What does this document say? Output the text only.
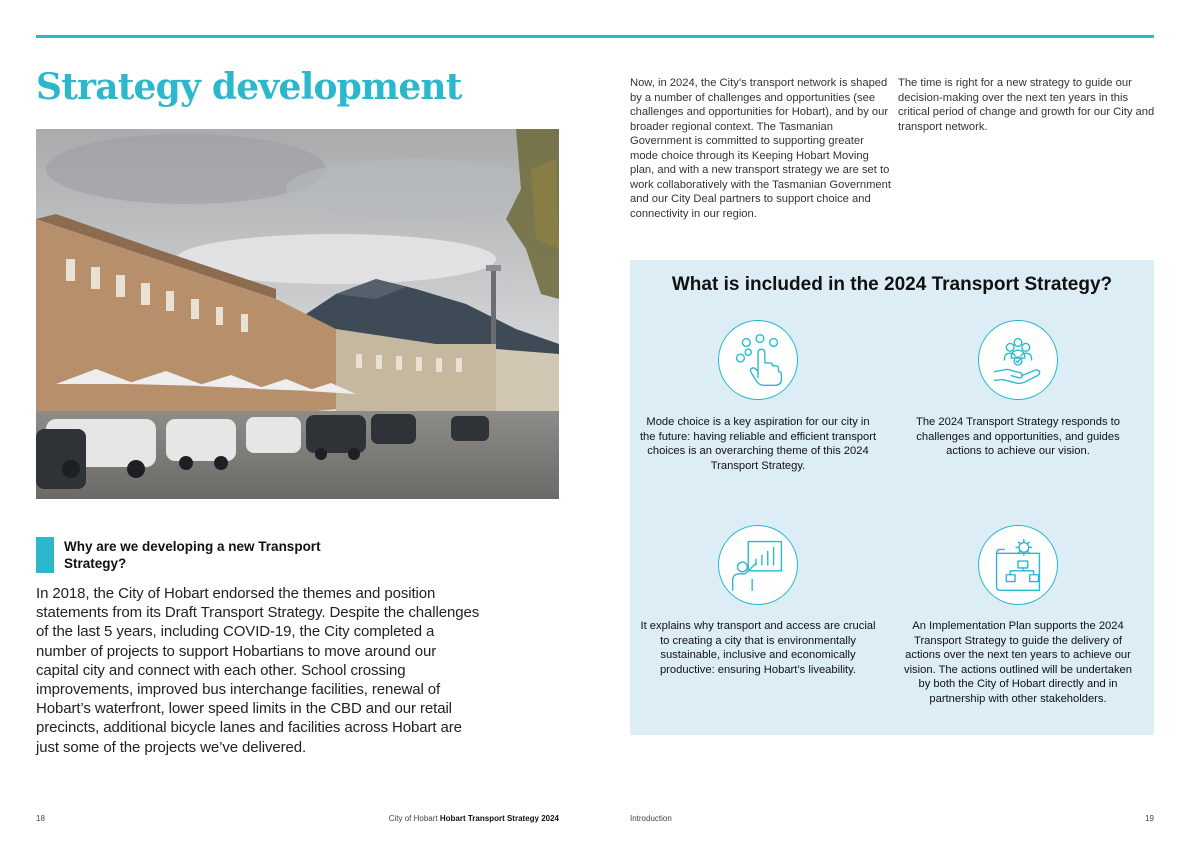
Strategy development
Why are we developing a new Transport Strategy?

In 2018, the City of Hobart endorsed the themes and position statements from its Draft Transport Strategy. Despite the challenges of the last 5 years, including COVID-19, the City completed a number of projects to support Hobartians to move around our capital city and connect with each other. School crossing improvements, improved bus interchange facilities, renewal of Hobart’s waterfront, lower speed limits in the CBD and our retail precincts, additional bicycle lanes and facilities across Hobart are just some of the projects we’ve delivered.

Now, in 2024, the City’s transport network is shaped by a number of challenges and opportunities (see challenges and opportunities for Hobart), and by our broader regional context. The Tasmanian Government is committed to supporting greater mode choice through its Keeping Hobart Moving plan, and with a new transport strategy we are set to work collaboratively with the Tasmanian Government and our City Deal partners to support choice and connectivity in our region.

The time is right for a new strategy to guide our decision-making over the next ten years in this critical period of change and growth for our City and transport network.

What is included in the 2024 Transport Strategy?

Mode choice is a key aspiration for our city in the future: having reliable and efficient transport choices is an overarching theme of this 2024 Transport Strategy.

The 2024 Transport Strategy responds to challenges and opportunities, and guides actions to achieve our vision.

It explains why transport and access are crucial to creating a city that is environmentally sustainable, inclusive and economically productive: ensuring Hobart’s liveability.

An Implementation Plan supports the 2024 Transport Strategy to guide the delivery of actions over the next ten years to achieve our vision. The actions outlined will be undertaken by both the City of Hobart directly and in partnership with other stakeholders.

18	City of Hobart Hobart Transport Strategy 2024	Introduction	19
